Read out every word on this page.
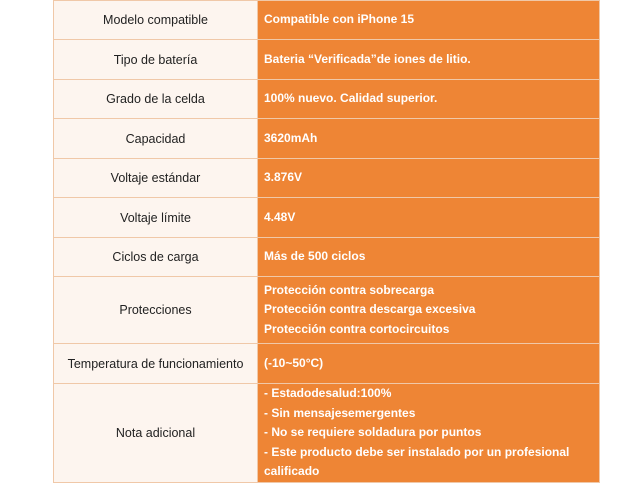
Modelo compatible	Compatible con iPhone 15

Tipo de batería	Bateria “Verificada”de iones de litio.

Grado de la celda	100% nuevo. Calidad superior.

Capacidad	3620mAh

Voltaje estándar	3.876V

Voltaje límite	4.48V

Ciclos de carga	Más de 500 ciclos

Protecciones	Protección contra sobrecarga
Protección contra descarga excesiva
Protección contra cortocircuitos

Temperatura de funcionamiento	(-10~50°C)

Nota adicional	- Estadodesalud:100%
- Sin mensajesemergentes
- No se requiere soldadura por puntos
- Este producto debe ser instalado por un profesional calificado
